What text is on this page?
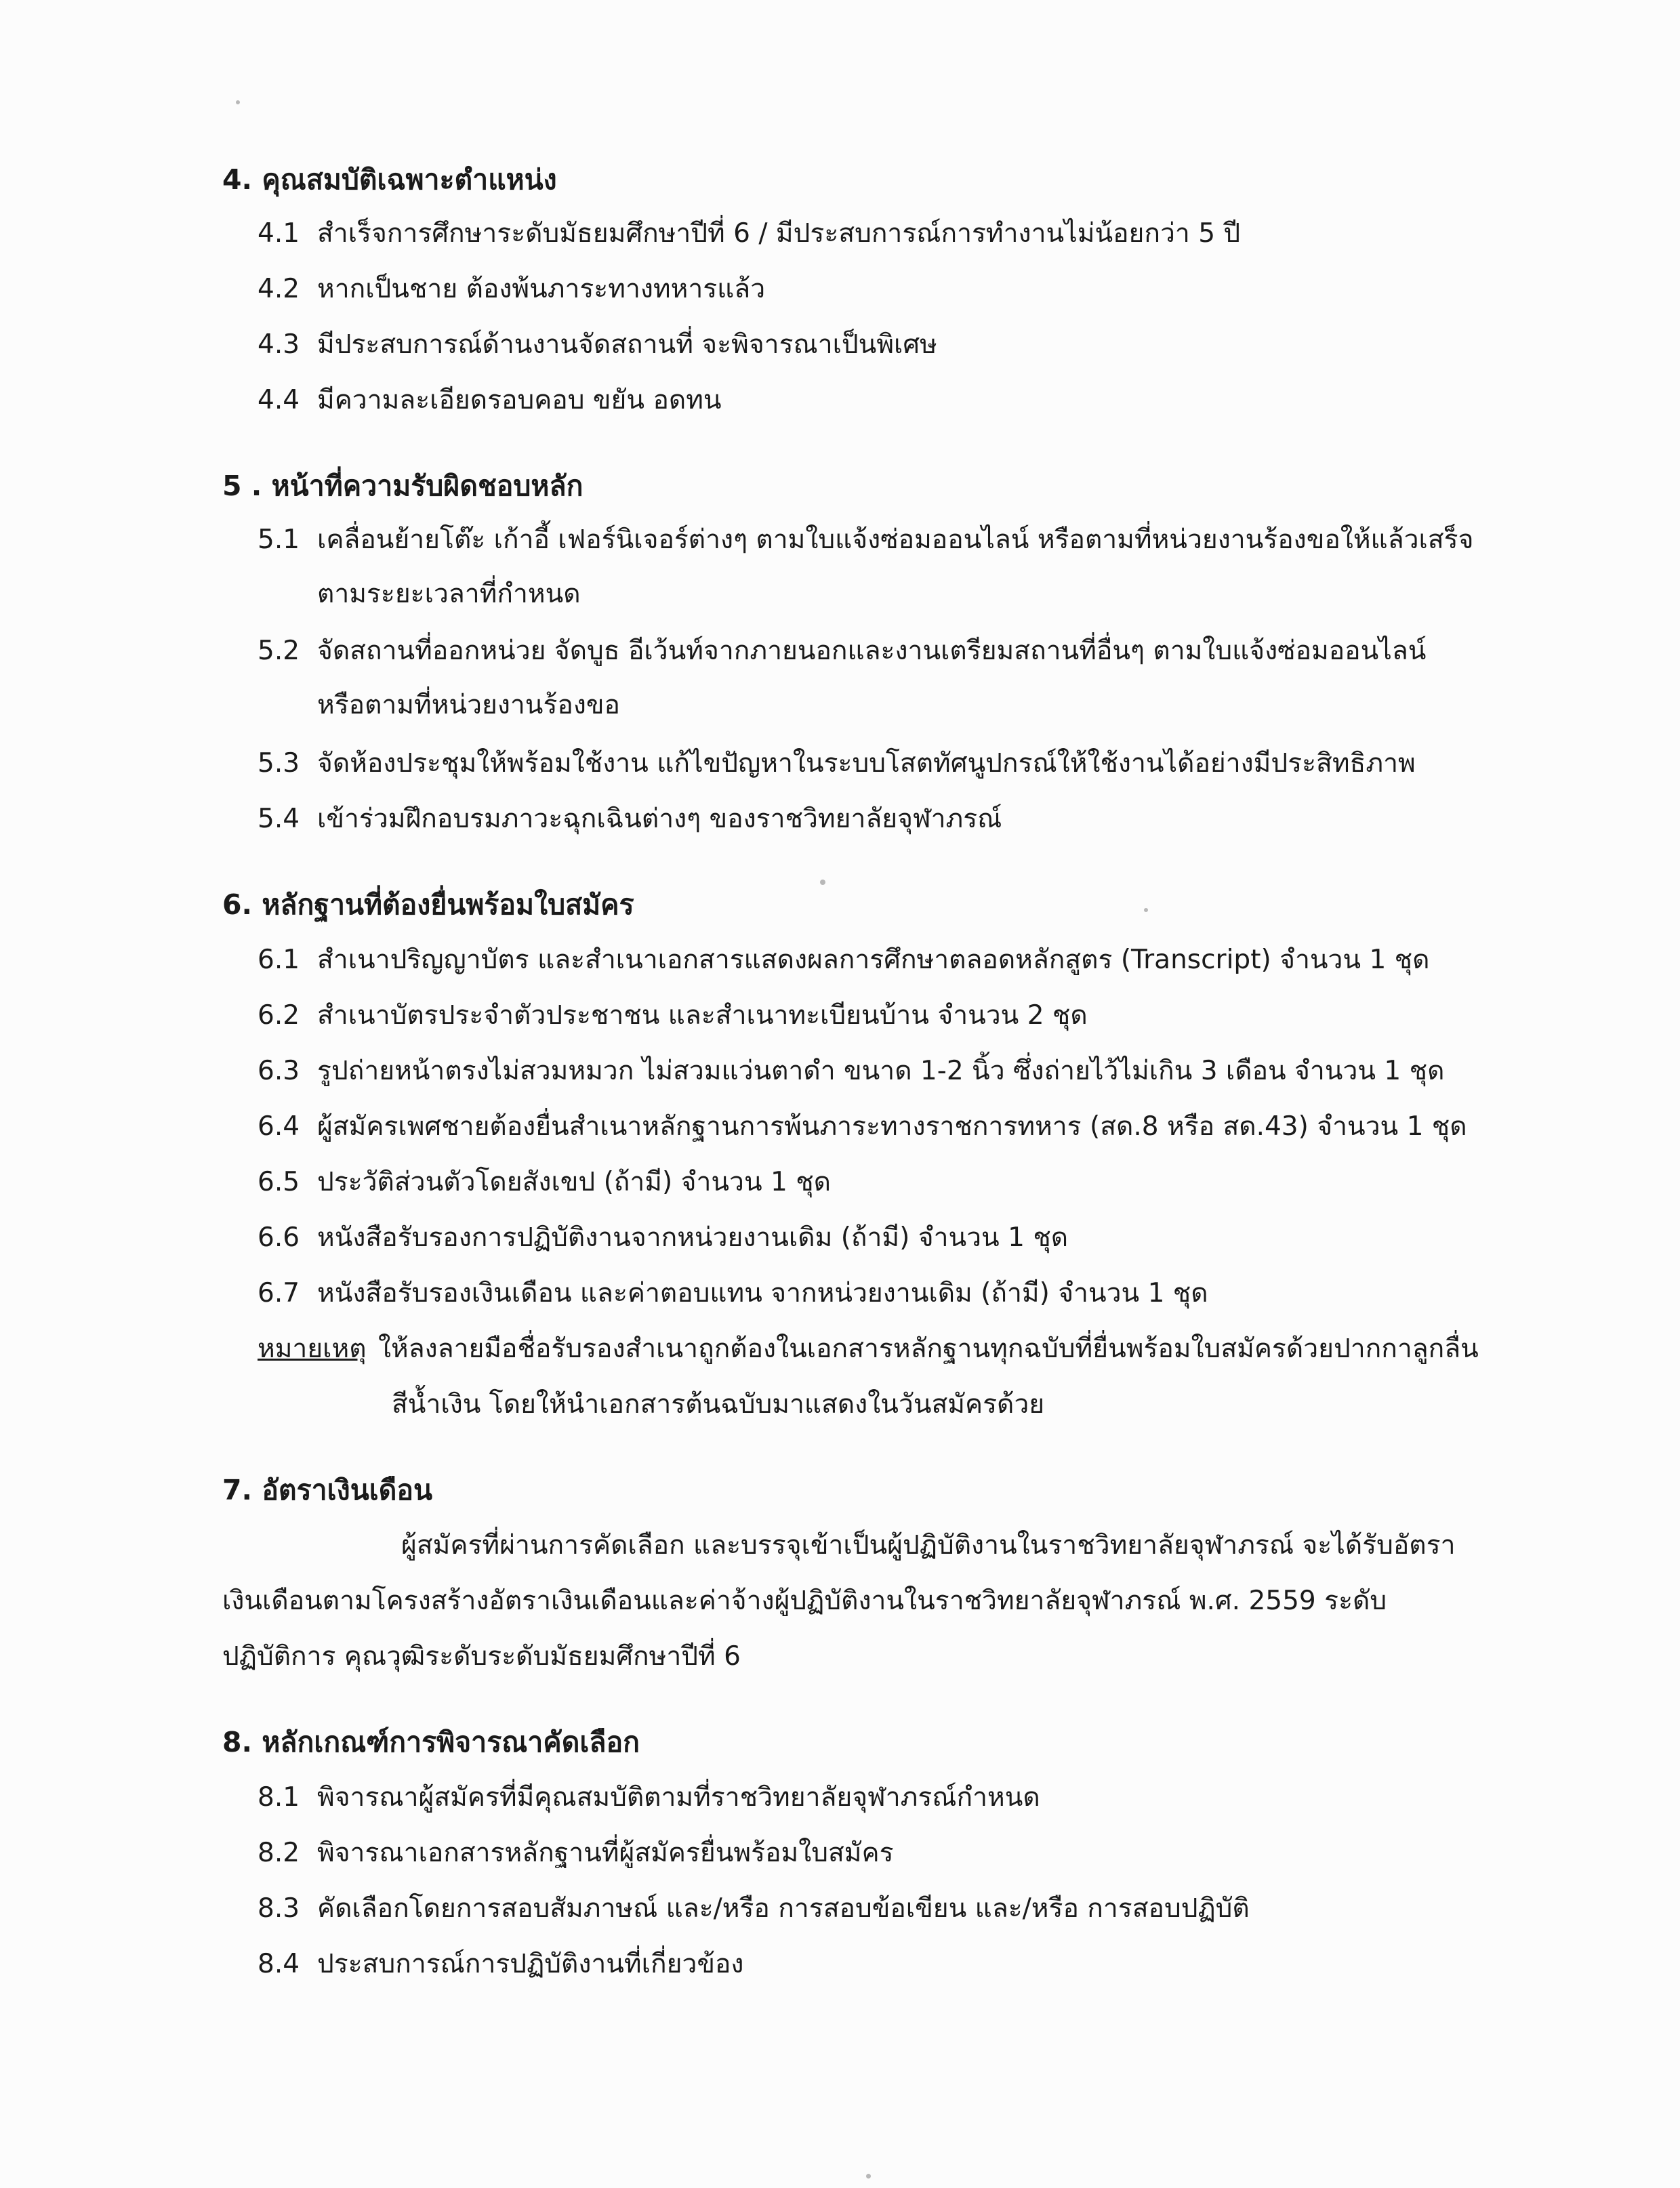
4. คุณสมบัติเฉพาะตำแหน่ง
4.1 สำเร็จการศึกษาระดับมัธยมศึกษาปีที่ 6 / มีประสบการณ์การทำงานไม่น้อยกว่า 5 ปี
4.2 หากเป็นชาย ต้องพ้นภาระทางทหารแล้ว
4.3 มีประสบการณ์ด้านงานจัดสถานที่ จะพิจารณาเป็นพิเศษ
4.4 มีความละเอียดรอบคอบ ขยัน อดทน
5 . หน้าที่ความรับผิดชอบหลัก
5.1 เคลื่อนย้ายโต๊ะ เก้าอี้ เฟอร์นิเจอร์ต่างๆ ตามใบแจ้งซ่อมออนไลน์ หรือตามที่หน่วยงานร้องขอให้แล้วเสร็จ
ตามระยะเวลาที่กำหนด
5.2 จัดสถานที่ออกหน่วย จัดบูธ อีเว้นท์จากภายนอกและงานเตรียมสถานที่อื่นๆ ตามใบแจ้งซ่อมออนไลน์
หรือตามที่หน่วยงานร้องขอ
5.3 จัดห้องประชุมให้พร้อมใช้งาน แก้ไขปัญหาในระบบโสตทัศนูปกรณ์ให้ใช้งานได้อย่างมีประสิทธิภาพ
5.4 เข้าร่วมฝึกอบรมภาวะฉุกเฉินต่างๆ ของราชวิทยาลัยจุฬาภรณ์
6. หลักฐานที่ต้องยื่นพร้อมใบสมัคร
6.1 สำเนาปริญญาบัตร และสำเนาเอกสารแสดงผลการศึกษาตลอดหลักสูตร (Transcript) จำนวน 1 ชุด
6.2 สำเนาบัตรประจำตัวประชาชน และสำเนาทะเบียนบ้าน จำนวน 2 ชุด
6.3 รูปถ่ายหน้าตรงไม่สวมหมวก ไม่สวมแว่นตาดำ ขนาด 1-2 นิ้ว ซึ่งถ่ายไว้ไม่เกิน 3 เดือน จำนวน 1 ชุด
6.4 ผู้สมัครเพศชายต้องยื่นสำเนาหลักฐานการพ้นภาระทางราชการทหาร (สด.8 หรือ สด.43) จำนวน 1 ชุด
6.5 ประวัติส่วนตัวโดยสังเขป (ถ้ามี) จำนวน 1 ชุด
6.6 หนังสือรับรองการปฏิบัติงานจากหน่วยงานเดิม (ถ้ามี) จำนวน 1 ชุด
6.7 หนังสือรับรองเงินเดือน และค่าตอบแทน จากหน่วยงานเดิม (ถ้ามี) จำนวน 1 ชุด
หมายเหตุ ให้ลงลายมือชื่อรับรองสำเนาถูกต้องในเอกสารหลักฐานทุกฉบับที่ยื่นพร้อมใบสมัครด้วยปากกาลูกลื่น
สีน้ำเงิน โดยให้นำเอกสารต้นฉบับมาแสดงในวันสมัครด้วย
7. อัตราเงินเดือน
ผู้สมัครที่ผ่านการคัดเลือก และบรรจุเข้าเป็นผู้ปฏิบัติงานในราชวิทยาลัยจุฬาภรณ์ จะได้รับอัตรา
เงินเดือนตามโครงสร้างอัตราเงินเดือนและค่าจ้างผู้ปฏิบัติงานในราชวิทยาลัยจุฬาภรณ์ พ.ศ. 2559 ระดับ
ปฏิบัติการ คุณวุฒิระดับระดับมัธยมศึกษาปีที่ 6
8. หลักเกณฑ์การพิจารณาคัดเลือก
8.1 พิจารณาผู้สมัครที่มีคุณสมบัติตามที่ราชวิทยาลัยจุฬาภรณ์กำหนด
8.2 พิจารณาเอกสารหลักฐานที่ผู้สมัครยื่นพร้อมใบสมัคร
8.3 คัดเลือกโดยการสอบสัมภาษณ์ และ/หรือ การสอบข้อเขียน และ/หรือ การสอบปฏิบัติ
8.4 ประสบการณ์การปฏิบัติงานที่เกี่ยวข้อง
